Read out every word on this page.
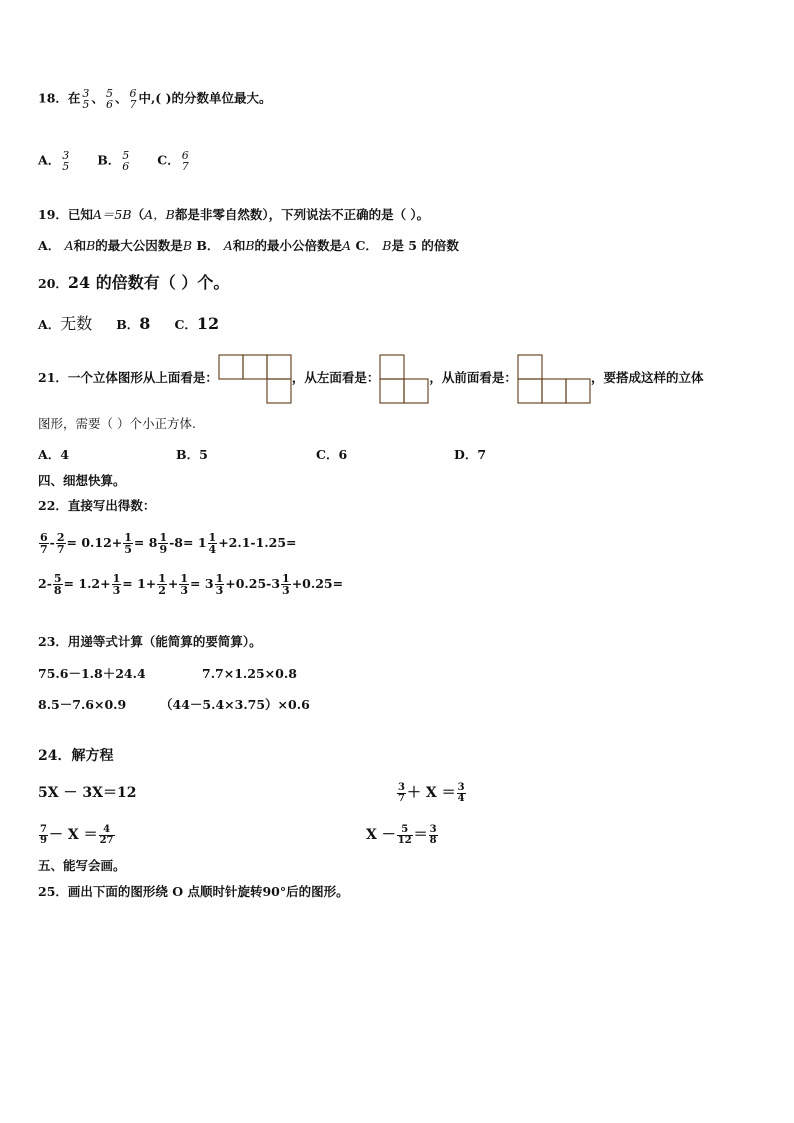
18．在 3
5 、 5
6 、 6
7 中,( )的分数单位最大。
A． 3
5 B． 5
6 C． 6
7
19．已知A＝5B（A，B都是非零自然数），下列说法不正确的是（ ）。
A． A和B的最大公因数是B B． A和B的最小公倍数是A C． B是 5 的倍数
20．24 的倍数有（ ）个。
A．无数 B．8 C．12
21．一个立体图形从上面看是：	，从左面看是：	，从前面看是：	，要搭成这样的立体
图形，需要（ ）个小正方体.
A．4	B．5	C．6	D．7
四、细想快算。
22．直接写出得数：
$\frac{6}{7} - \frac{2}{7} = 0.12+ \frac{1}{5} = 8 \frac{1}{9} -8= 1 \frac{1}{4} +2.1-1.25=$
$2- \frac{5}{8} = 1.2+ \frac{1}{3} = 1+ \frac{1}{2} + \frac{1}{3} = 3 \frac{1}{3} +0.25-3 \frac{1}{3} +0.25=$
23．用递等式计算（能简算的要简算）。
75.6－1.8＋24.4	7.7×1.25×0.8
8.5－7.6×0.9	（44－5.4×3.75）×0.6
24．解方程
5X － 3X＝12	$\frac{3}{7} + X = \frac{3}{4}$
$\frac{7}{9} - X = \frac{4}{27}$	$X - \frac{5}{12} = \frac{3}{8}$
五、能写会画。
25．画出下面的图形绕 O 点顺时针旋转90°后的图形。
